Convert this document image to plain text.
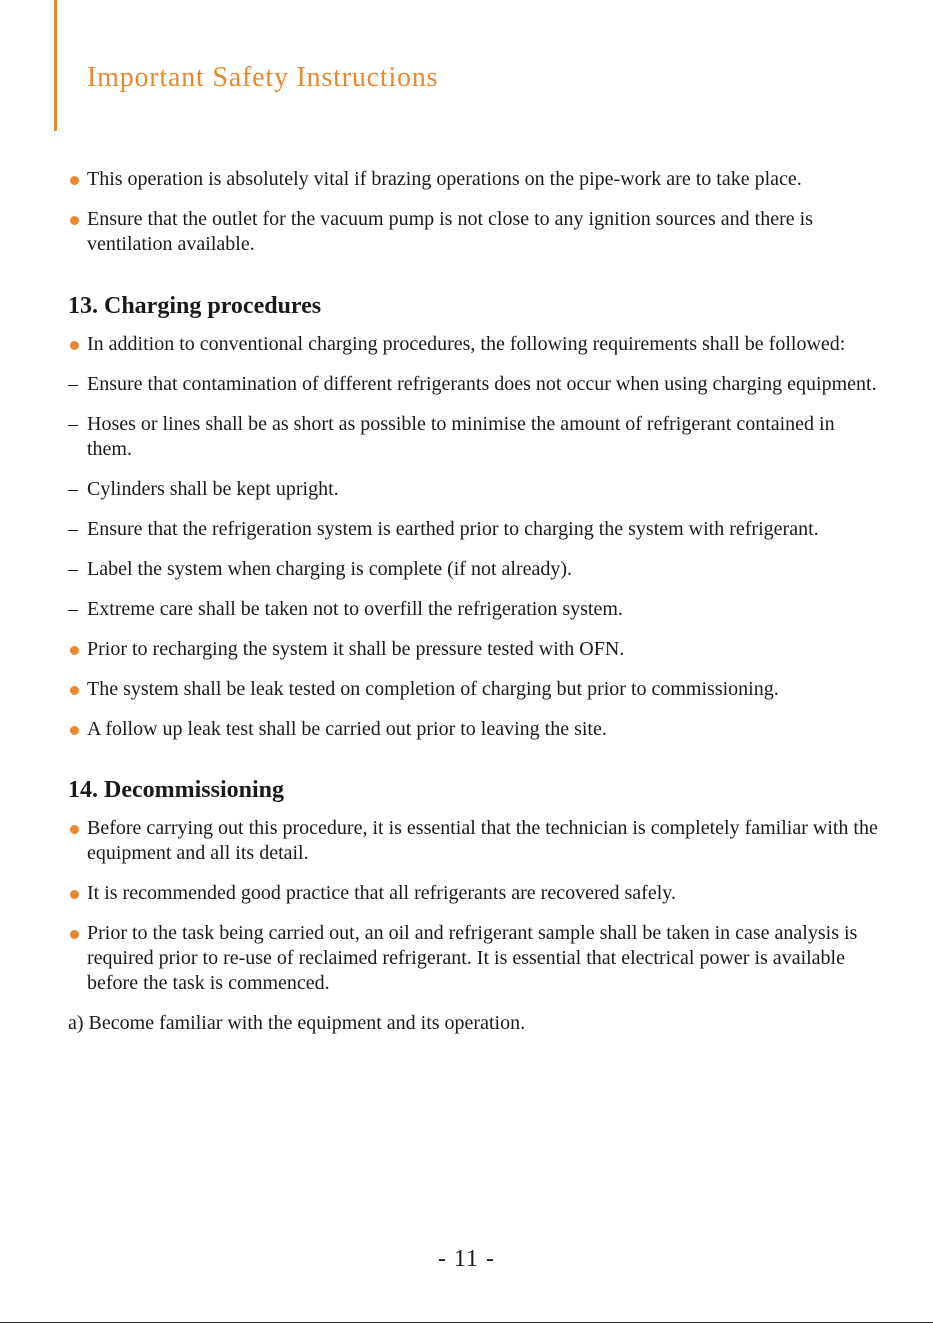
Important Safety Instructions
This operation is absolutely vital if brazing operations on the pipe-work are to take place.
Ensure that the outlet for the vacuum pump is not close to any ignition sources and there is ventilation available.
13. Charging procedures
In addition to conventional charging procedures, the following requirements shall be followed:
– Ensure that contamination of different refrigerants does not occur when using charging equipment.
– Hoses or lines shall be as short as possible to minimise the amount of refrigerant contained in them.
– Cylinders shall be kept upright.
– Ensure that the refrigeration system is earthed prior to charging the system with refrigerant.
– Label the system when charging is complete (if not already).
– Extreme care shall be taken not to overfill the refrigeration system.
Prior to recharging the system it shall be pressure tested with OFN.
The system shall be leak tested on completion of charging but prior to commissioning.
A follow up leak test shall be carried out prior to leaving the site.
14. Decommissioning
Before carrying out this procedure, it is essential that the technician is completely familiar with the equipment and all its detail.
It is recommended good practice that all refrigerants are recovered safely.
Prior to the task being carried out, an oil and refrigerant sample shall be taken in case analysis is required prior to re-use of reclaimed refrigerant. It is essential that electrical power is available before the task is commenced.
a) Become familiar with the equipment and its operation.
- 11 -
